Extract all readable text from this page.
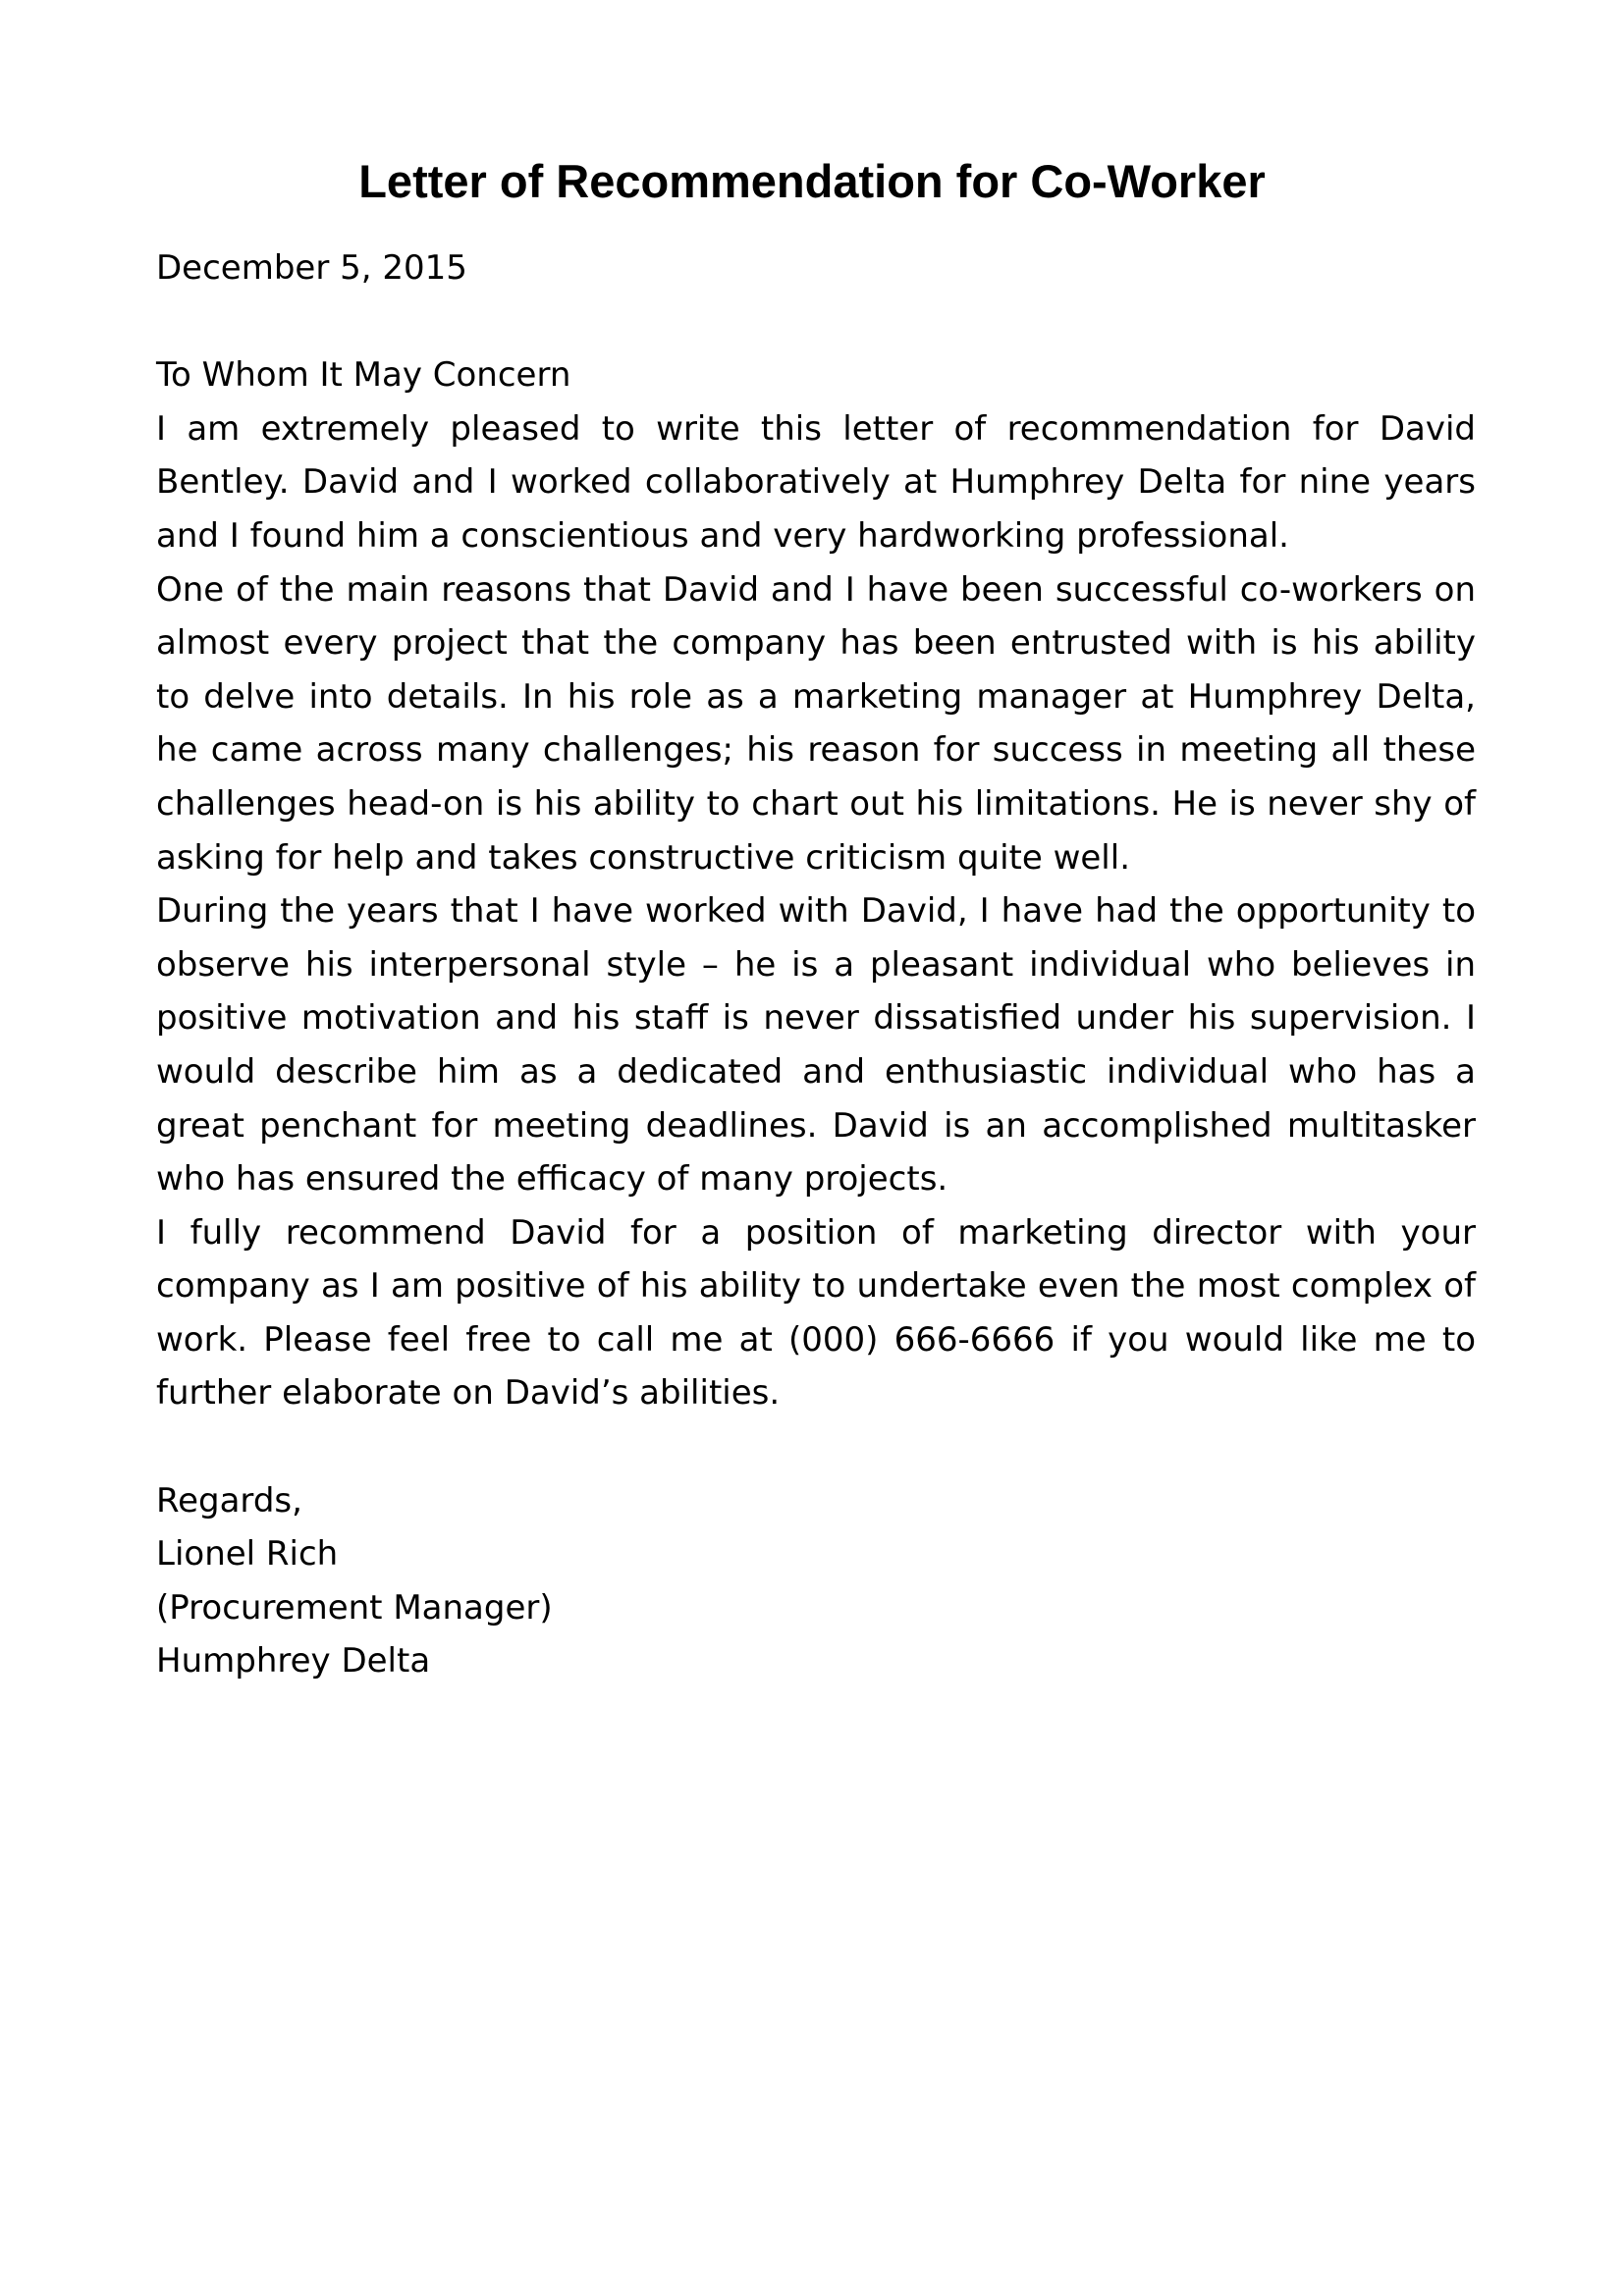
Letter of Recommendation for Co-Worker

December 5, 2015

To Whom It May Concern

I am extremely pleased to write this letter of recommendation for David Bentley. David and I worked collaboratively at Humphrey Delta for nine years and I found him a conscientious and very hardworking professional.

One of the main reasons that David and I have been successful co-workers on almost every project that the company has been entrusted with is his ability to delve into details. In his role as a marketing manager at Humphrey Delta, he came across many challenges; his reason for success in meeting all these challenges head-on is his ability to chart out his limitations. He is never shy of asking for help and takes constructive criticism quite well.

During the years that I have worked with David, I have had the opportunity to observe his interpersonal style – he is a pleasant individual who believes in positive motivation and his staff is never dissatisfied under his supervision. I would describe him as a dedicated and enthusiastic individual who has a great penchant for meeting deadlines. David is an accomplished multitasker who has ensured the efficacy of many projects.

I fully recommend David for a position of marketing director with your company as I am positive of his ability to undertake even the most complex of work. Please feel free to call me at (000) 666-6666 if you would like me to further elaborate on David’s abilities.

Regards,

Lionel Rich

(Procurement Manager)

Humphrey Delta
